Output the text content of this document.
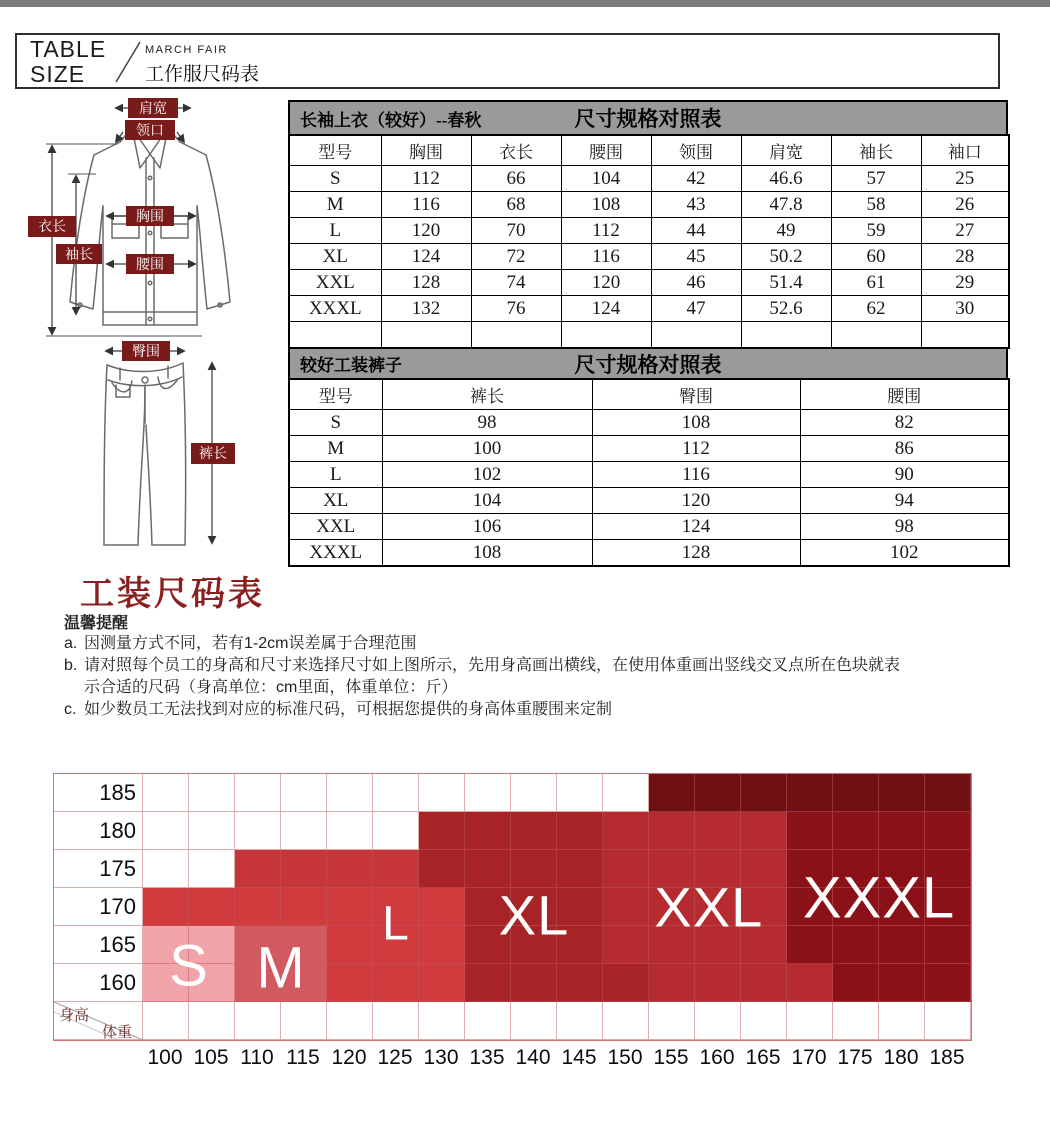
TABLE
SIZE
MARCH FAIR
工作服尺码表
肩宽
领口
衣长
袖长
胸围
腰围
臀围
裤长
长袖上衣（较好）--春秋	尺寸规格对照表
型号	胸围	衣长	腰围	领围	肩宽	袖长	袖口
S	112	66	104	42	46.6	57	25
M	116	68	108	43	47.8	58	26
L	120	70	112	44	49	59	27
XL	124	72	116	45	50.2	60	28
XXL	128	74	120	46	51.4	61	29
XXXL	132	76	124	47	52.6	62	30

较好工装裤子	尺寸规格对照表
型号	裤长	臀围	腰围
S	98	108	82
M	100	112	86
L	102	116	90
XL	104	120	94
XXL	106	124	98
XXXL	108	128	102
工装尺码表
温馨提醒
a. 因测量方式不同，若有1-2cm误差属于合理范围
b. 请对照每个员工的身高和尺寸来选择尺寸如上图所示，先用身高画出横线，在使用体重画出竖线交叉点所在色块就表示合适的尺码（身高单位：cm里面，体重单位：斤）
c. 如少数员工无法找到对应的标准尺码，可根据您提供的身高体重腰围来定制
身高
体重
185
180
175
170
165
160 S M
L XL XXL XXXL
100 105 110 115 120 125 130 135 140 145 150 155 160 165 170 175 180 185
